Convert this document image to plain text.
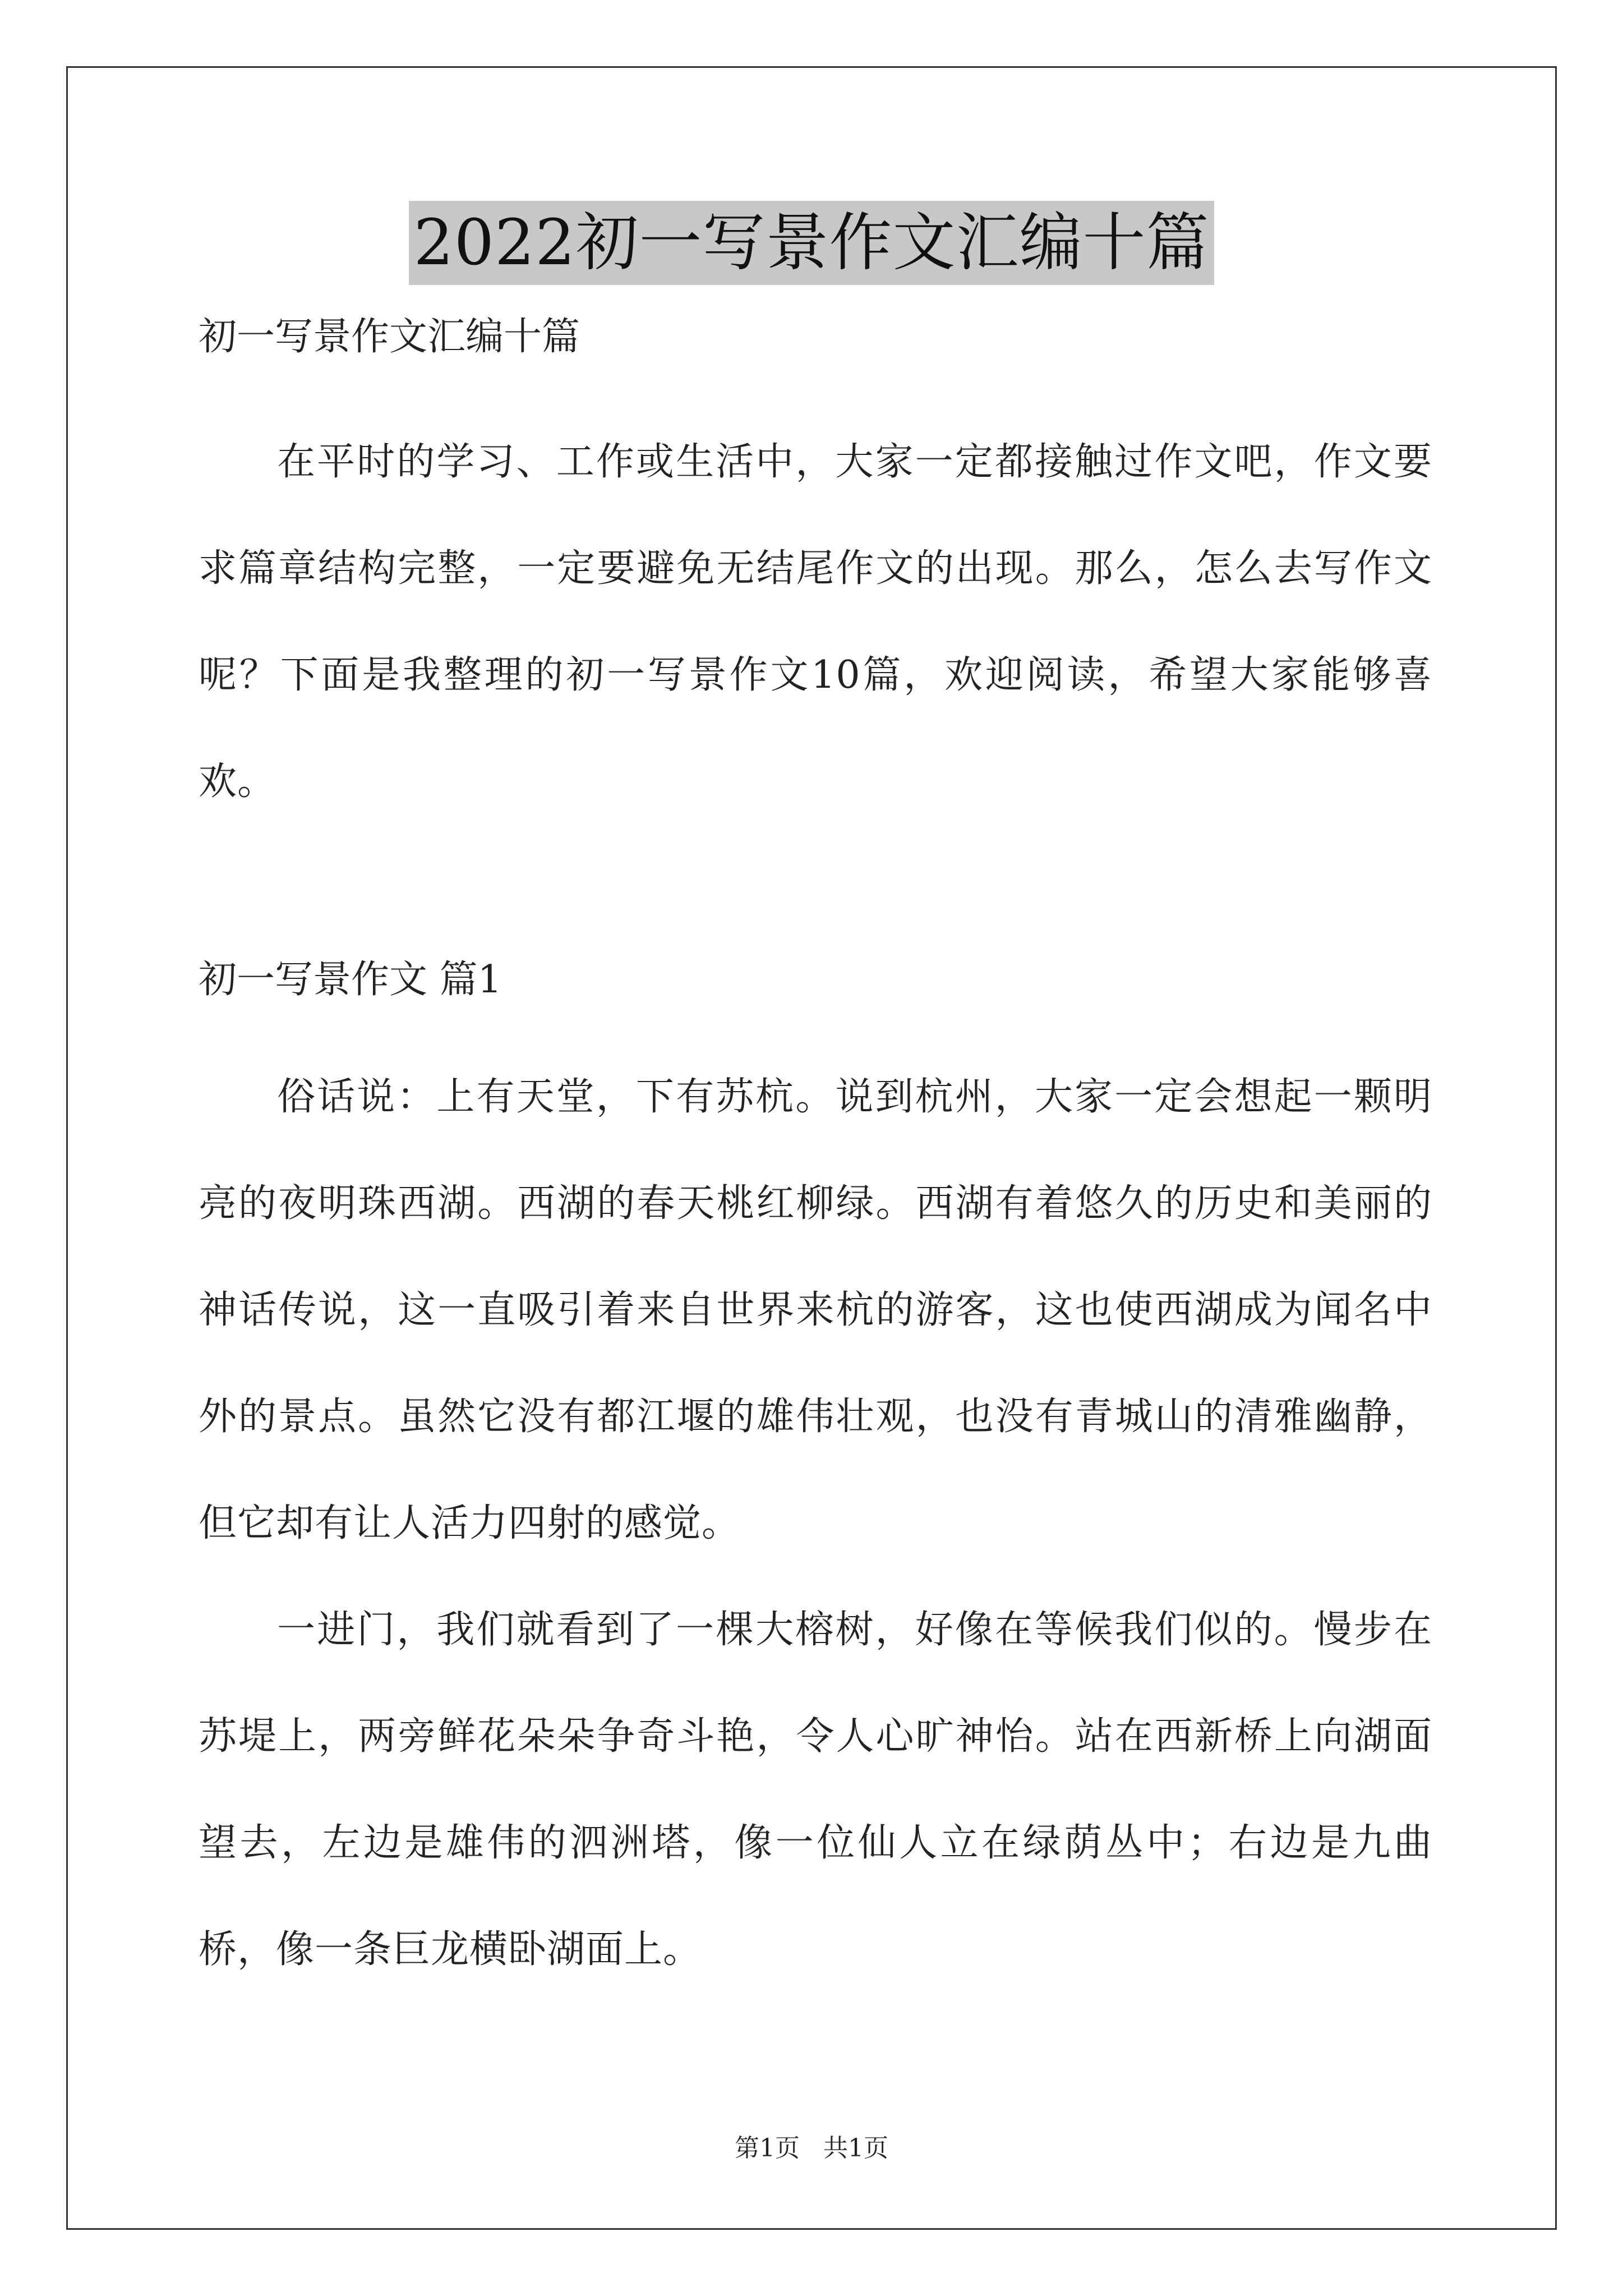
2022初一写景作文汇编十篇

初一写景作文汇编十篇

在平时的学习、工作或生活中，大家一定都接触过作文吧，作文要求篇章结构完整，一定要避免无结尾作文的出现。那么，怎么去写作文呢？下面是我整理的初一写景作文10篇，欢迎阅读，希望大家能够喜欢。

初一写景作文 篇1

俗话说：上有天堂，下有苏杭。说到杭州，大家一定会想起一颗明亮的夜明珠西湖。西湖的春天桃红柳绿。西湖有着悠久的历史和美丽的神话传说，这一直吸引着来自世界来杭的游客，这也使西湖成为闻名中外的景点。虽然它没有都江堰的雄伟壮观，也没有青城山的清雅幽静，但它却有让人活力四射的感觉。

一进门，我们就看到了一棵大榕树，好像在等候我们似的。慢步在苏堤上，两旁鲜花朵朵争奇斗艳，令人心旷神怡。站在西新桥上向湖面望去，左边是雄伟的泗洲塔，像一位仙人立在绿荫丛中；右边是九曲桥，像一条巨龙横卧湖面上。

第1页 共1页
